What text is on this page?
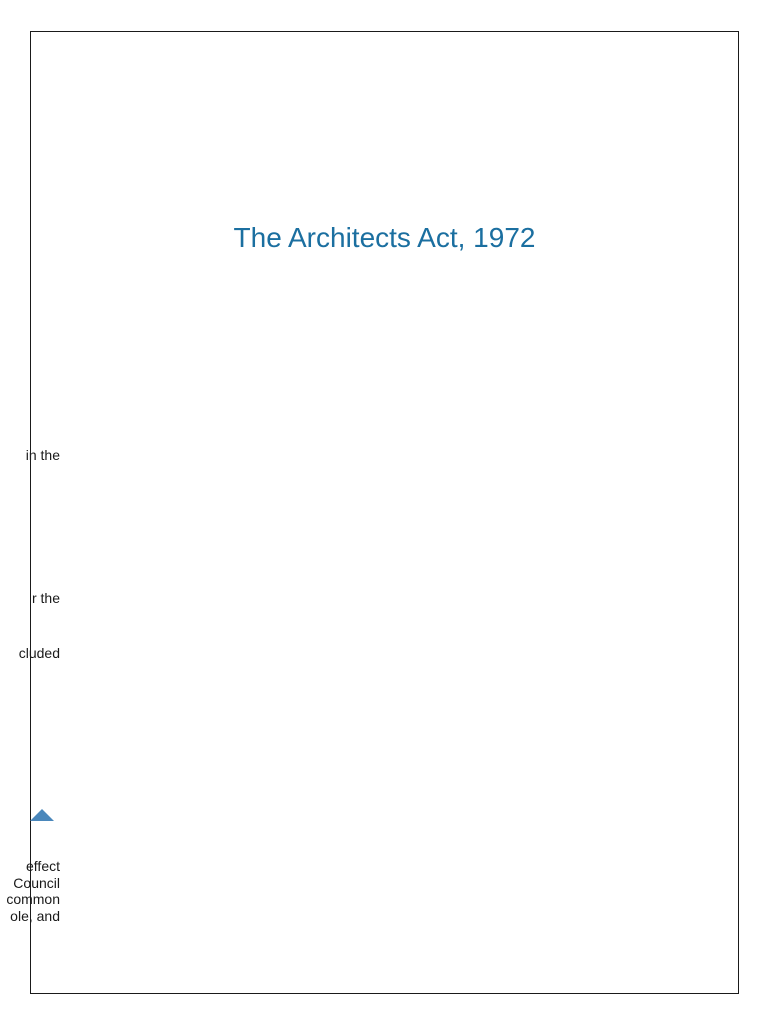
in the
r the
cluded
effect
Council
common
ole, and
The Architects Act, 1972
